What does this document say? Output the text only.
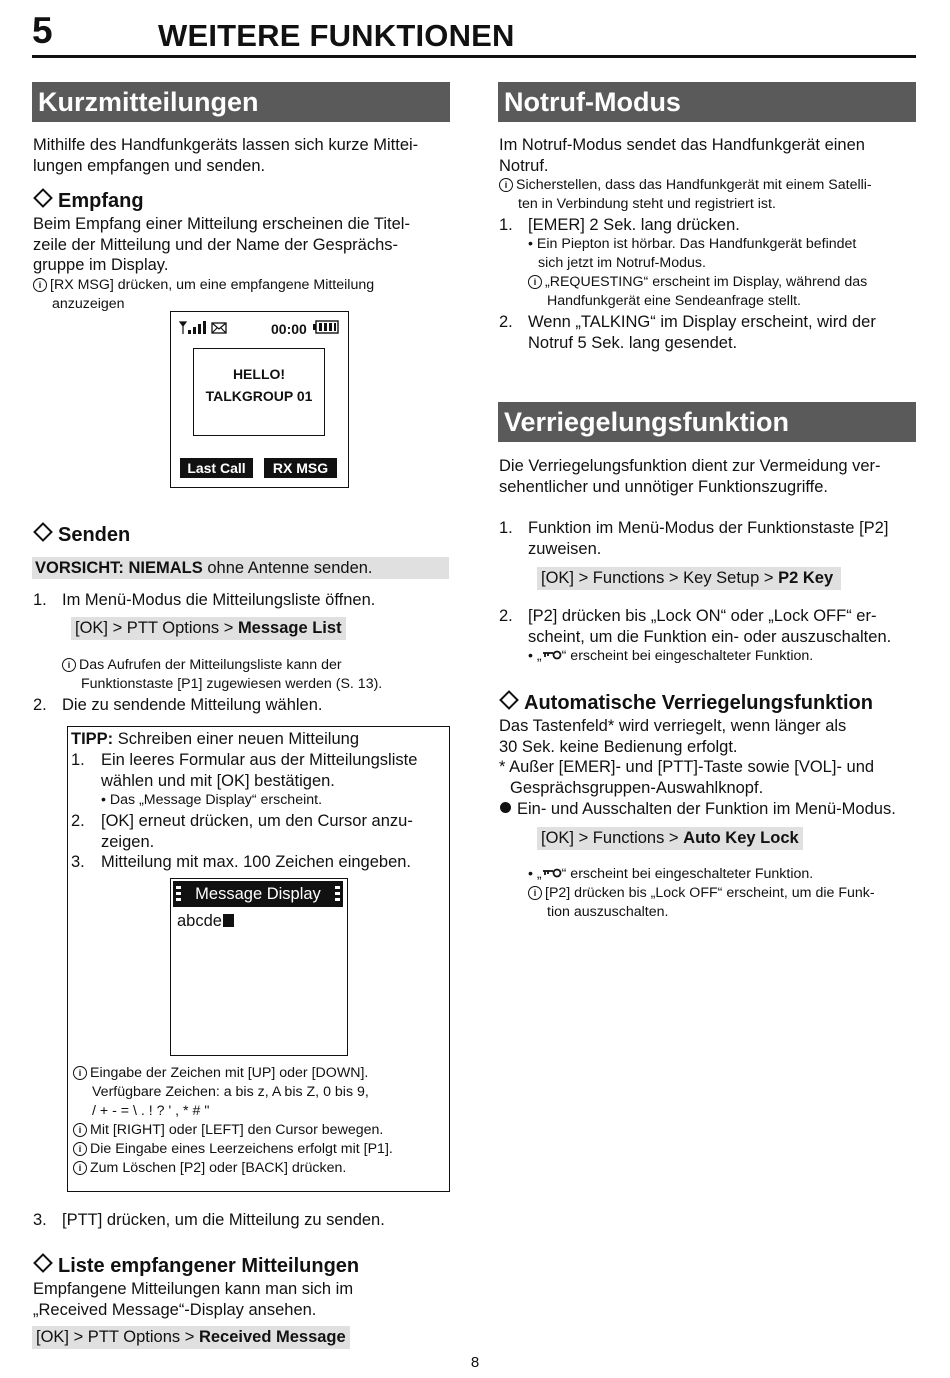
5	WEITERE FUNKTIONEN
Kurzmitteilungen
Mithilfe des Handfunkgeräts lassen sich kurze Mittei-
lungen empfangen und senden.
Empfang
Beim Empfang einer Mitteilung erscheinen die Titel-
zeile der Mitteilung und der Name der Gesprächs-
gruppe im Display.
i [RX MSG] drücken, um eine empfangene Mitteilung
anzuzeigen
00:00
HELLO!
TALKGROUP 01
Last Call	RX MSG
Senden
VORSICHT: NIEMALS ohne Antenne senden.
1. Im Menü-Modus die Mitteilungsliste öffnen.
[OK] > PTT Options > Message List
i Das Aufrufen der Mitteilungsliste kann der
Funktionstaste [P1] zugewiesen werden (S. 13).
2. Die zu sendende Mitteilung wählen.
TIPP: Schreiben einer neuen Mitteilung
1. Ein leeres Formular aus der Mitteilungsliste
wählen und mit [OK] bestätigen.
• Das „Message Display“ erscheint.
2. [OK] erneut drücken, um den Cursor anzu-
zeigen.
3. Mitteilung mit max. 100 Zeichen eingeben.
Message Display
abcde
i Eingabe der Zeichen mit [UP] oder [DOWN].
Verfügbare Zeichen: a bis z, A bis Z, 0 bis 9,
/ + - = \ . ! ? ' , * # "
i Mit [RIGHT] oder [LEFT] den Cursor bewegen.
i Die Eingabe eines Leerzeichens erfolgt mit [P1].
i Zum Löschen [P2] oder [BACK] drücken.
3. [PTT] drücken, um die Mitteilung zu senden.
Liste empfangener Mitteilungen
Empfangene Mitteilungen kann man sich im
„Received Message“-Display ansehen.
[OK] > PTT Options > Received Message
Notruf-Modus
Im Notruf-Modus sendet das Handfunkgerät einen
Notruf.
i Sicherstellen, dass das Handfunkgerät mit einem Satelli-
ten in Verbindung steht und registriert ist.
1. [EMER] 2 Sek. lang drücken.
• Ein Piepton ist hörbar. Das Handfunkgerät befindet
sich jetzt im Notruf-Modus.
i „REQUESTING“ erscheint im Display, während das
Handfunkgerät eine Sendeanfrage stellt.
2. Wenn „TALKING“ im Display erscheint, wird der
Notruf 5 Sek. lang gesendet.
Verriegelungsfunktion
Die Verriegelungsfunktion dient zur Vermeidung ver-
sehentlicher und unnötiger Funktionszugriffe.
1. Funktion im Menü-Modus der Funktionstaste [P2]
zuweisen.
[OK] > Functions > Key Setup > P2 Key
2. [P2] drücken bis „Lock ON“ oder „Lock OFF“ er-
scheint, um die Funktion ein- oder auszuschalten.
• „ “ erscheint bei eingeschalteter Funktion.
Automatische Verriegelungsfunktion
Das Tastenfeld* wird verriegelt, wenn länger als
30 Sek. keine Bedienung erfolgt.
* Außer [EMER]- und [PTT]-Taste sowie [VOL]- und
Gesprächsgruppen-Auswahlknopf.
Ein- und Ausschalten der Funktion im Menü-Modus.
[OK] > Functions > Auto Key Lock
• „ “ erscheint bei eingeschalteter Funktion.
i [P2] drücken bis „Lock OFF“ erscheint, um die Funk-
tion auszuschalten.
8
